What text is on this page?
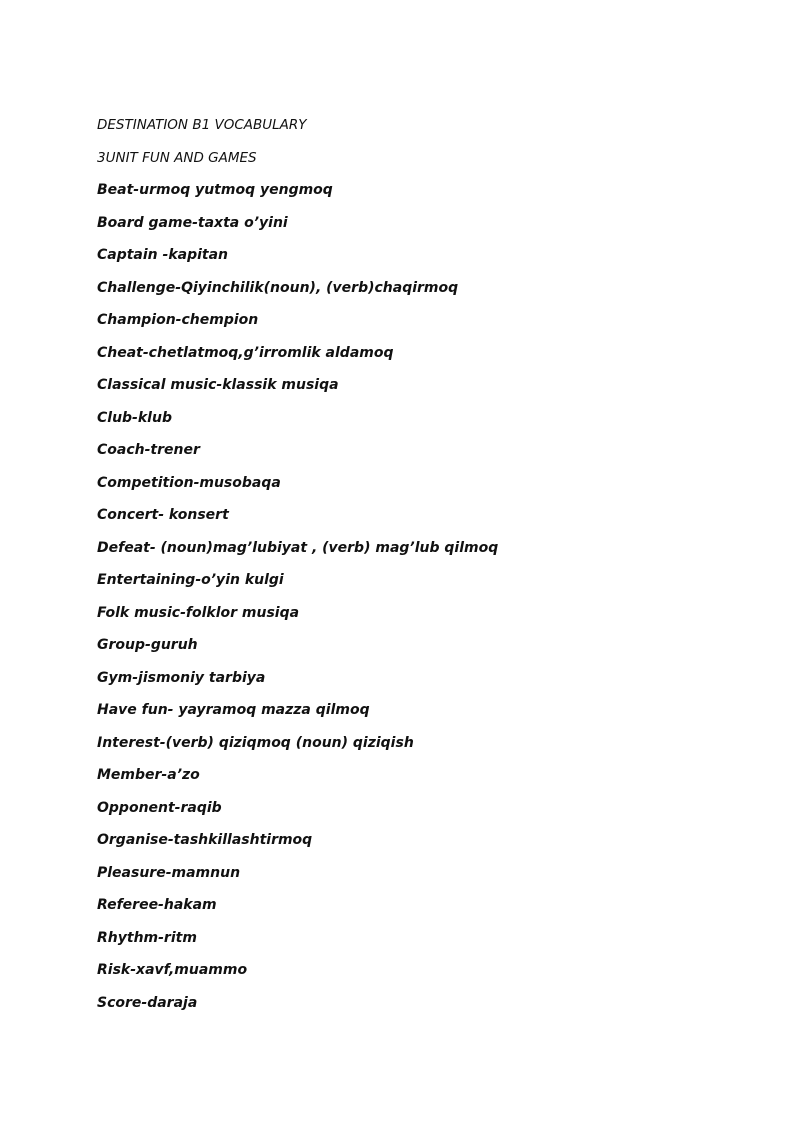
DESTINATION B1 VOCABULARY
3UNIT FUN AND GAMES
Beat-urmoq yutmoq yengmoq
Board game-taxta o’yini
Captain -kapitan
Challenge-Qiyinchilik(noun), (verb)chaqirmoq
Champion-chempion
Cheat-chetlatmoq,g’irromlik aldamoq
Classical music-klassik musiqa
Club-klub
Coach-trener
Competition-musobaqa
Concert- konsert
Defeat- (noun)mag’lubiyat , (verb) mag’lub qilmoq
Entertaining-o’yin kulgi
Folk music-folklor musiqa
Group-guruh
Gym-jismoniy tarbiya
Have fun- yayramoq mazza qilmoq
Interest-(verb) qiziqmoq (noun) qiziqish
Member-a’zo
Opponent-raqib
Organise-tashkillashtirmoq
Pleasure-mamnun
Referee-hakam
Rhythm-ritm
Risk-xavf,muammo
Score-daraja
